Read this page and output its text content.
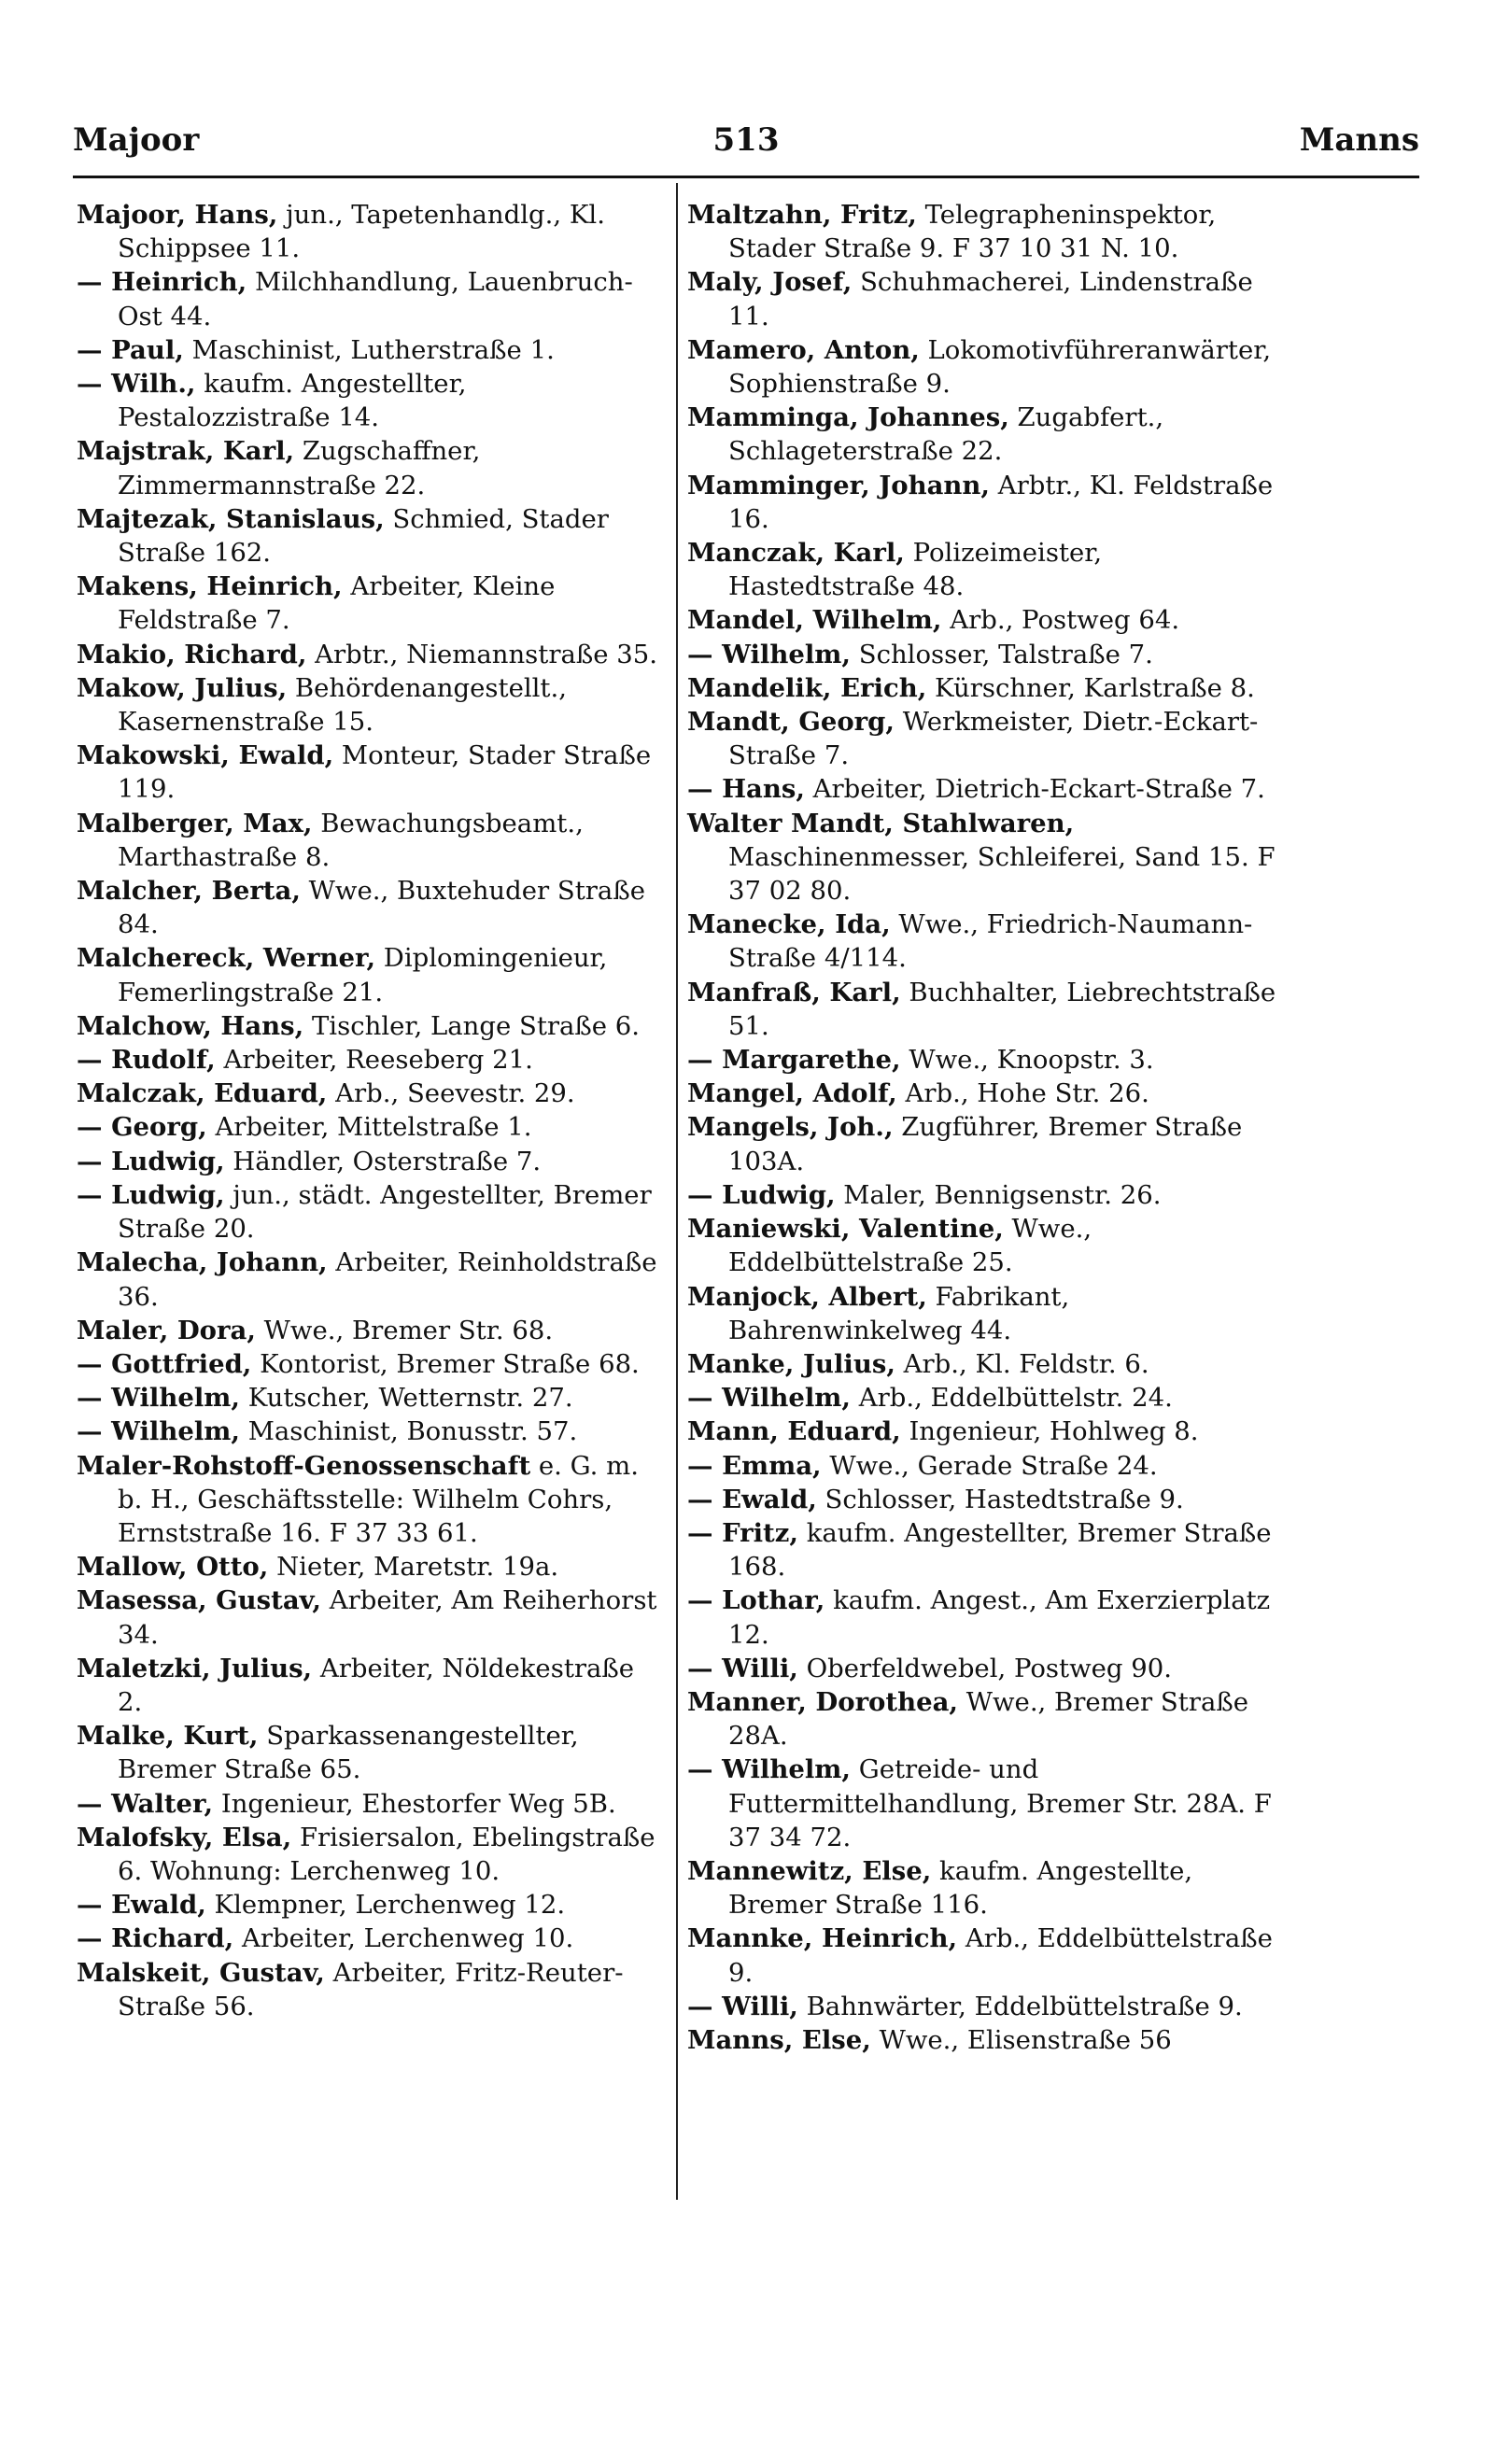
Majoor	513	Manns

Majoor, Hans, jun., Tapetenhandlg., Kl. Schippsee 11.

— Heinrich, Milchhandlung, Lauenbruch-Ost 44.

— Paul, Maschinist, Lutherstraße 1.

— Wilh., kaufm. Angestellter, Pestalozzistraße 14.

Majstrak, Karl, Zugschaffner, Zimmermannstraße 22.

Majtezak, Stanislaus, Schmied, Stader Straße 162.

Makens, Heinrich, Arbeiter, Kleine Feldstraße 7.

Makio, Richard, Arbtr., Niemannstraße 35.

Makow, Julius, Behördenangestellt., Kasernenstraße 15.

Makowski, Ewald, Monteur, Stader Straße 119.

Malberger, Max, Bewachungsbeamt., Marthastraße 8.

Malcher, Berta, Wwe., Buxtehuder Straße 84.

Malchereck, Werner, Diplomingenieur, Femerlingstraße 21.

Malchow, Hans, Tischler, Lange Straße 6.

— Rudolf, Arbeiter, Reeseberg 21.

Malczak, Eduard, Arb., Seevestr. 29.

— Georg, Arbeiter, Mittelstraße 1.

— Ludwig, Händler, Osterstraße 7.

— Ludwig, jun., städt. Angestellter, Bremer Straße 20.

Malecha, Johann, Arbeiter, Reinholdstraße 36.

Maler, Dora, Wwe., Bremer Str. 68.

— Gottfried, Kontorist, Bremer Straße 68.

— Wilhelm, Kutscher, Wetternstr. 27.

— Wilhelm, Maschinist, Bonusstr. 57.

Maler-Rohstoff-Genossenschaft e. G. m. b. H., Geschäftsstelle: Wilhelm Cohrs, Ernststraße 16. F 37 33 61.

Mallow, Otto, Nieter, Maretstr. 19a.

Masessa, Gustav, Arbeiter, Am Reiherhorst 34.

Maletzki, Julius, Arbeiter, Nöldekestraße 2.

Malke, Kurt, Sparkassenangestellter, Bremer Straße 65.

— Walter, Ingenieur, Ehestorfer Weg 5B.

Malofsky, Elsa, Frisiersalon, Ebelingstraße 6. Wohnung: Lerchenweg 10.

— Ewald, Klempner, Lerchenweg 12.

— Richard, Arbeiter, Lerchenweg 10.

Malskeit, Gustav, Arbeiter, Fritz-Reuter-Straße 56.

Maltzahn, Fritz, Telegrapheninspektor, Stader Straße 9. F 37 10 31 N. 10.

Maly, Josef, Schuhmacherei, Lindenstraße 11.

Mamero, Anton, Lokomotivführeranwärter, Sophienstraße 9.

Mamminga, Johannes, Zugabfert., Schlageterstraße 22.

Mamminger, Johann, Arbtr., Kl. Feldstraße 16.

Manczak, Karl, Polizeimeister, Hastedtstraße 48.

Mandel, Wilhelm, Arb., Postweg 64.

— Wilhelm, Schlosser, Talstraße 7.

Mandelik, Erich, Kürschner, Karlstraße 8.

Mandt, Georg, Werkmeister, Dietr.-Eckart-Straße 7.

— Hans, Arbeiter, Dietrich-Eckart-Straße 7.

Walter Mandt, Stahlwaren, Maschinenmesser, Schleiferei, Sand 15. F 37 02 80.

Manecke, Ida, Wwe., Friedrich-Naumann-Straße 4/114.

Manfraß, Karl, Buchhalter, Liebrechtstraße 51.

— Margarethe, Wwe., Knoopstr. 3.

Mangel, Adolf, Arb., Hohe Str. 26.

Mangels, Joh., Zugführer, Bremer Straße 103A.

— Ludwig, Maler, Bennigsenstr. 26.

Maniewski, Valentine, Wwe., Eddelbüttelstraße 25.

Manjock, Albert, Fabrikant, Bahrenwinkelweg 44.

Manke, Julius, Arb., Kl. Feldstr. 6.

— Wilhelm, Arb., Eddelbüttelstr. 24.

Mann, Eduard, Ingenieur, Hohlweg 8.

— Emma, Wwe., Gerade Straße 24.

— Ewald, Schlosser, Hastedtstraße 9.

— Fritz, kaufm. Angestellter, Bremer Straße 168.

— Lothar, kaufm. Angest., Am Exerzierplatz 12.

— Willi, Oberfeldwebel, Postweg 90.

Manner, Dorothea, Wwe., Bremer Straße 28A.

— Wilhelm, Getreide- und Futtermittelhandlung, Bremer Str. 28A. F 37 34 72.

Mannewitz, Else, kaufm. Angestellte, Bremer Straße 116.

Mannke, Heinrich, Arb., Eddelbüttelstraße 9.

— Willi, Bahnwärter, Eddelbüttelstraße 9.

Manns, Else, Wwe., Elisenstraße 56
